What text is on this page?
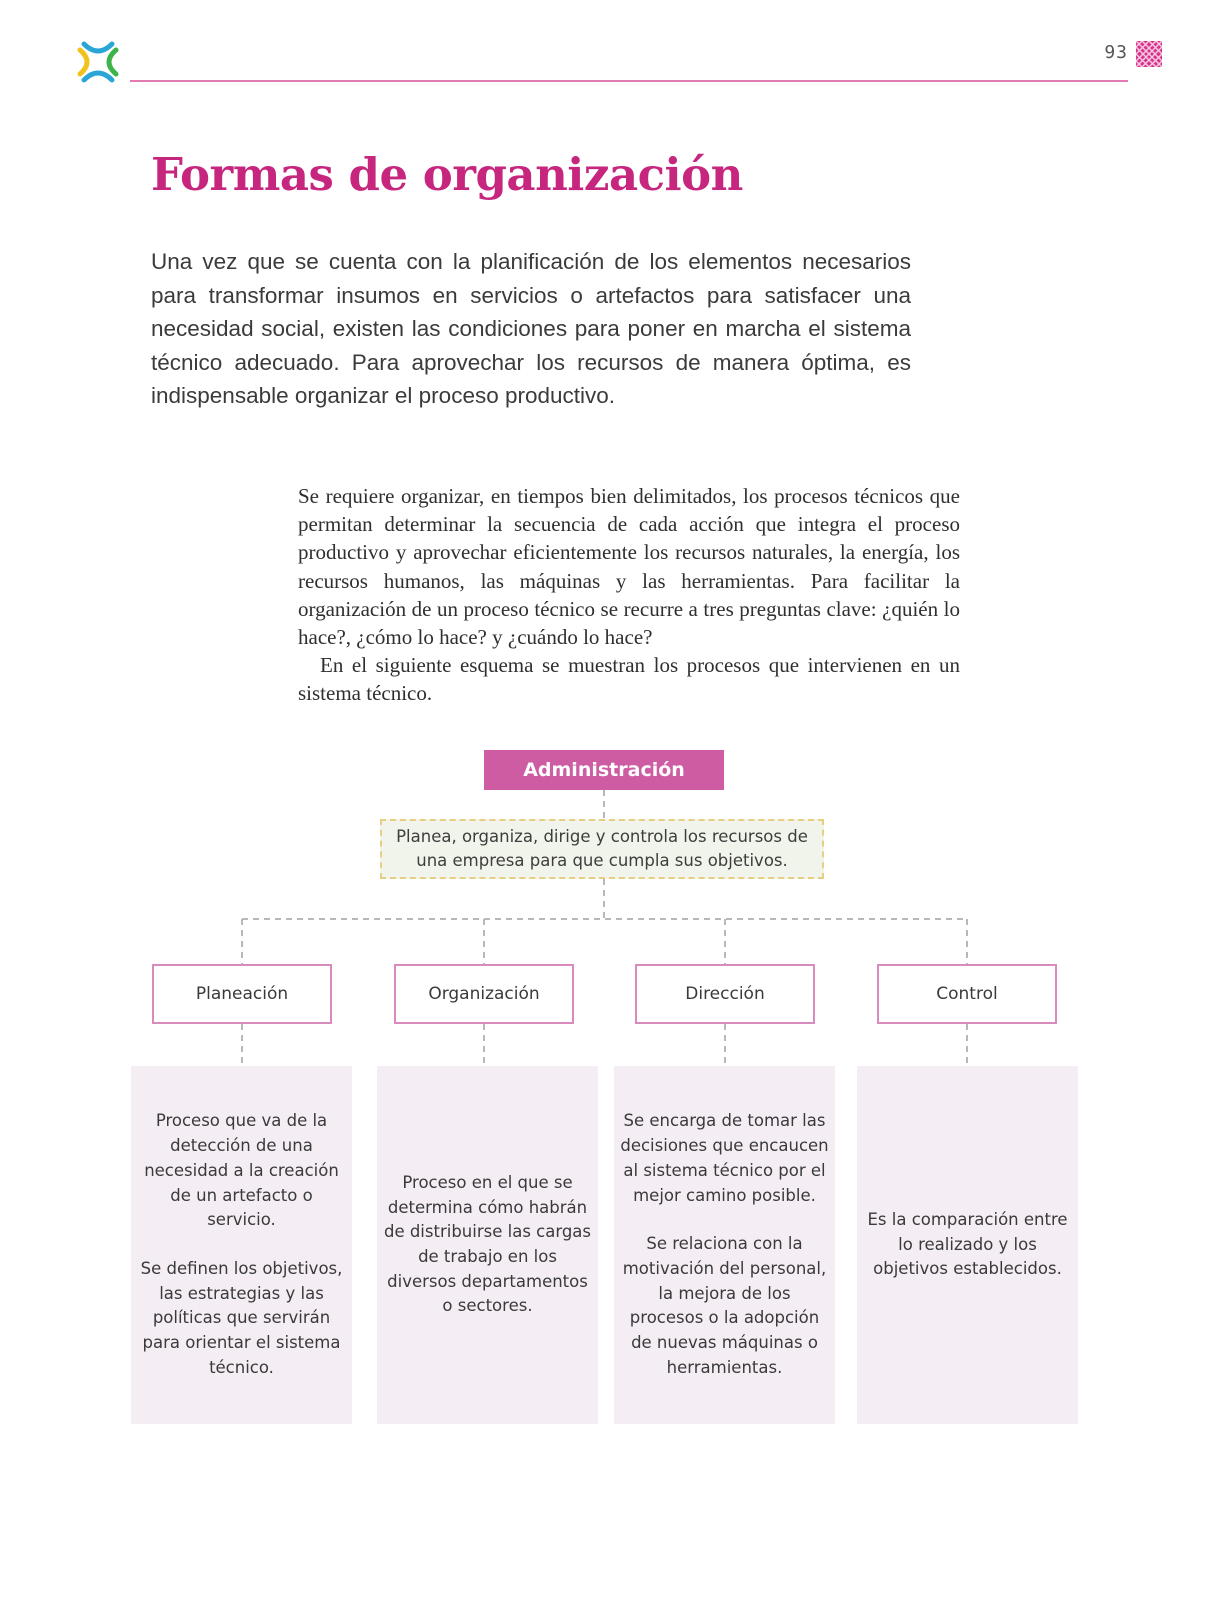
93
Formas de organización

Una vez que se cuenta con la planificación de los elementos necesarios para transformar insumos en servicios o artefactos para satisfacer una necesidad social, existen las condiciones para poner en marcha el sistema técnico adecuado. Para aprovechar los recursos de manera óptima, es indispensable organizar el proceso productivo.

Se requiere organizar, en tiempos bien delimitados, los procesos técnicos que permitan determinar la secuencia de cada acción que integra el proceso productivo y aprovechar eficientemente los recursos naturales, la energía, los recursos humanos, las máquinas y las herramientas. Para facilitar la organización de un proceso técnico se recurre a tres preguntas clave: ¿quién lo hace?, ¿cómo lo hace? y ¿cuándo lo hace?

En el siguiente esquema se muestran los procesos que intervienen en un sistema técnico.

Administración
Planea, organiza, dirige y controla los recursos de una empresa para que cumpla sus objetivos.
Planeación	Organización	Dirección	Control

Proceso que va de la detección de una necesidad a la creación de un artefacto o servicio.

Se definen los objetivos, las estrategias y las políticas que servirán para orientar el sistema técnico.

Proceso en el que se determina cómo habrán de distribuirse las cargas de trabajo en los diversos departamentos o sectores.

Se encarga de tomar las decisiones que encaucen al sistema técnico por el mejor camino posible.

Se relaciona con la motivación del personal, la mejora de los procesos o la adopción de nuevas máquinas o herramientas.

Es la comparación entre lo realizado y los objetivos establecidos.
